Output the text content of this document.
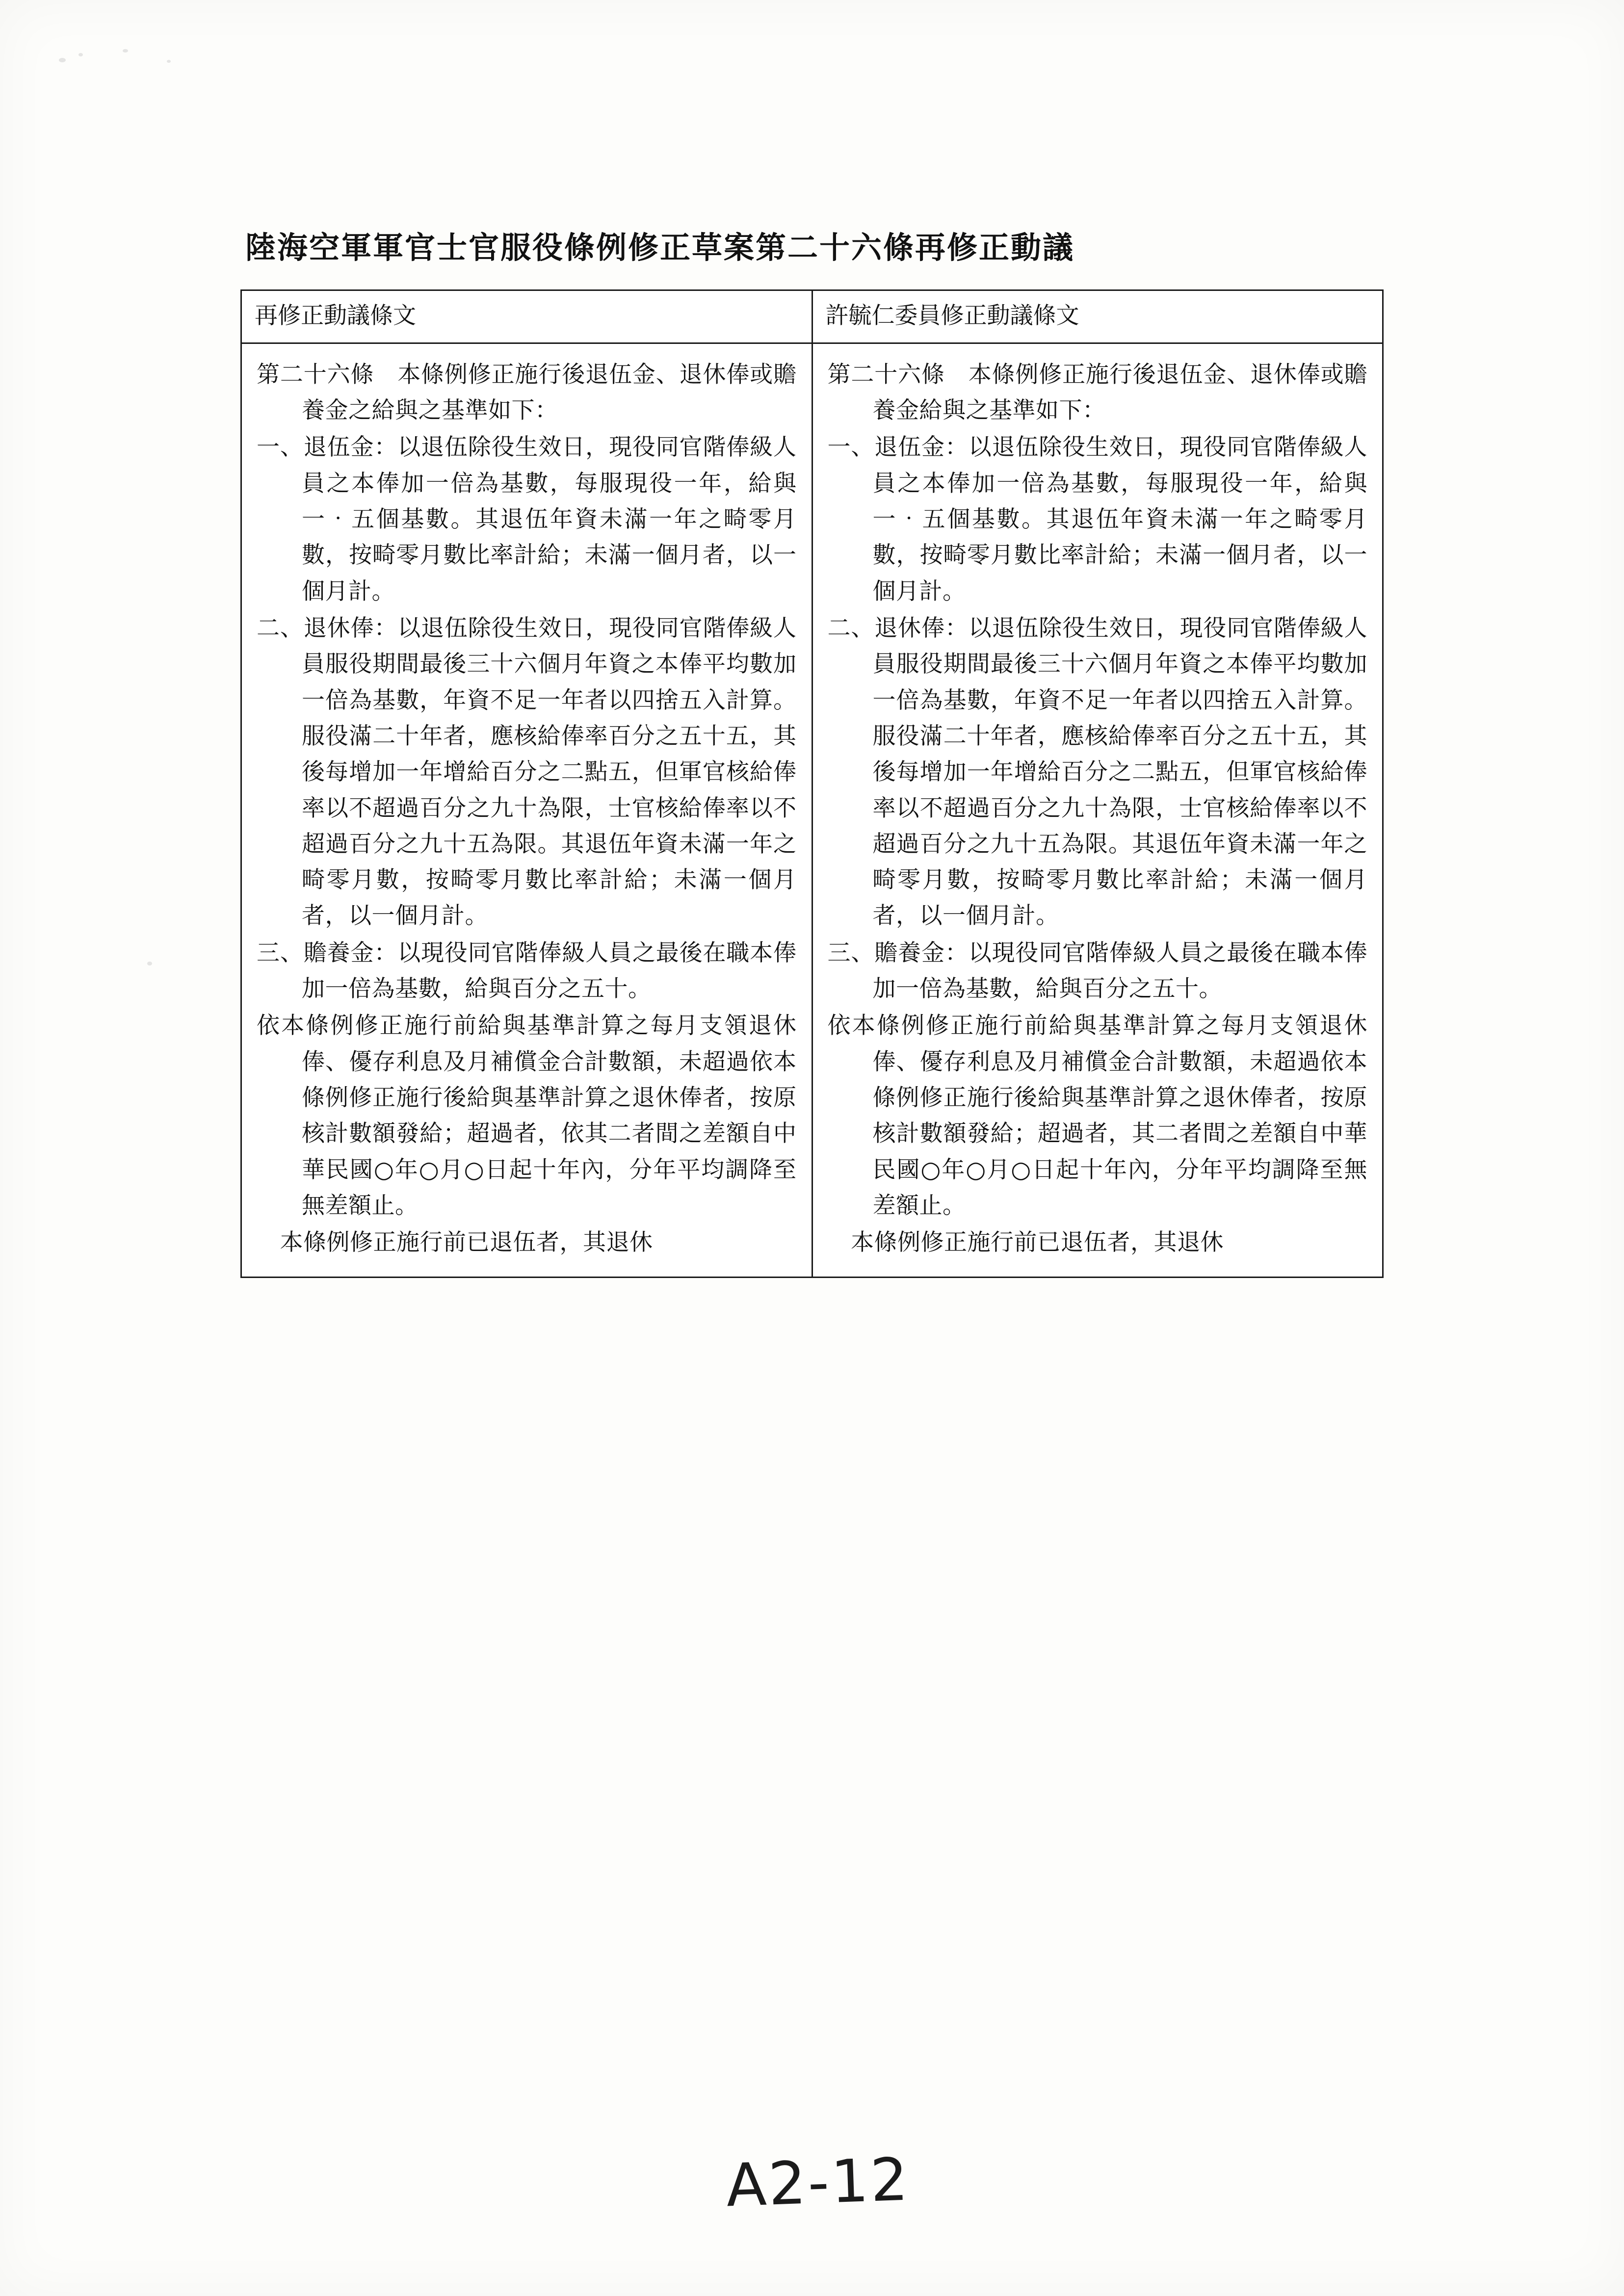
陸海空軍軍官士官服役條例修正草案第二十六條再修正動議
再修正動議條文	許毓仁委員修正動議條文

第二十六條　本條例修正施行後退伍金、退休俸或贍養金之給與之基準如下：

一、退伍金：以退伍除役生效日，現役同官階俸級人員之本俸加一倍為基數，每服現役一年，給與一‧五個基數。其退伍年資未滿一年之畸零月數，按畸零月數比率計給；未滿一個月者，以一個月計。

二、退休俸：以退伍除役生效日，現役同官階俸級人員服役期間最後三十六個月年資之本俸平均數加一倍為基數，年資不足一年者以四捨五入計算。服役滿二十年者，應核給俸率百分之五十五，其後每增加一年增給百分之二點五，但軍官核給俸率以不超過百分之九十為限，士官核給俸率以不超過百分之九十五為限。其退伍年資未滿一年之畸零月數，按畸零月數比率計給；未滿一個月者，以一個月計。

三、贍養金：以現役同官階俸級人員之最後在職本俸加一倍為基數，給與百分之五十。

依本條例修正施行前給與基準計算之每月支領退休俸、優存利息及月補償金合計數額，未超過依本條例修正施行後給與基準計算之退休俸者，按原核計數額發給；超過者，依其二者間之差額自中華民國○年○月○日起十年內，分年平均調降至無差額止。

　本條例修正施行前已退伍者，其退休

第二十六條　本條例修正施行後退伍金、退休俸或贍養金給與之基準如下：

一、退伍金：以退伍除役生效日，現役同官階俸級人員之本俸加一倍為基數，每服現役一年，給與一‧五個基數。其退伍年資未滿一年之畸零月數，按畸零月數比率計給；未滿一個月者，以一個月計。

二、退休俸：以退伍除役生效日，現役同官階俸級人員服役期間最後三十六個月年資之本俸平均數加一倍為基數，年資不足一年者以四捨五入計算。服役滿二十年者，應核給俸率百分之五十五，其後每增加一年增給百分之二點五，但軍官核給俸率以不超過百分之九十為限，士官核給俸率以不超過百分之九十五為限。其退伍年資未滿一年之畸零月數，按畸零月數比率計給；未滿一個月者，以一個月計。

三、贍養金：以現役同官階俸級人員之最後在職本俸加一倍為基數，給與百分之五十。

依本條例修正施行前給與基準計算之每月支領退休俸、優存利息及月補償金合計數額，未超過依本條例修正施行後給與基準計算之退休俸者，按原核計數額發給；超過者，其二者間之差額自中華民國○年○月○日起十年內，分年平均調降至無差額止。

　本條例修正施行前已退伍者，其退休

A2-12
